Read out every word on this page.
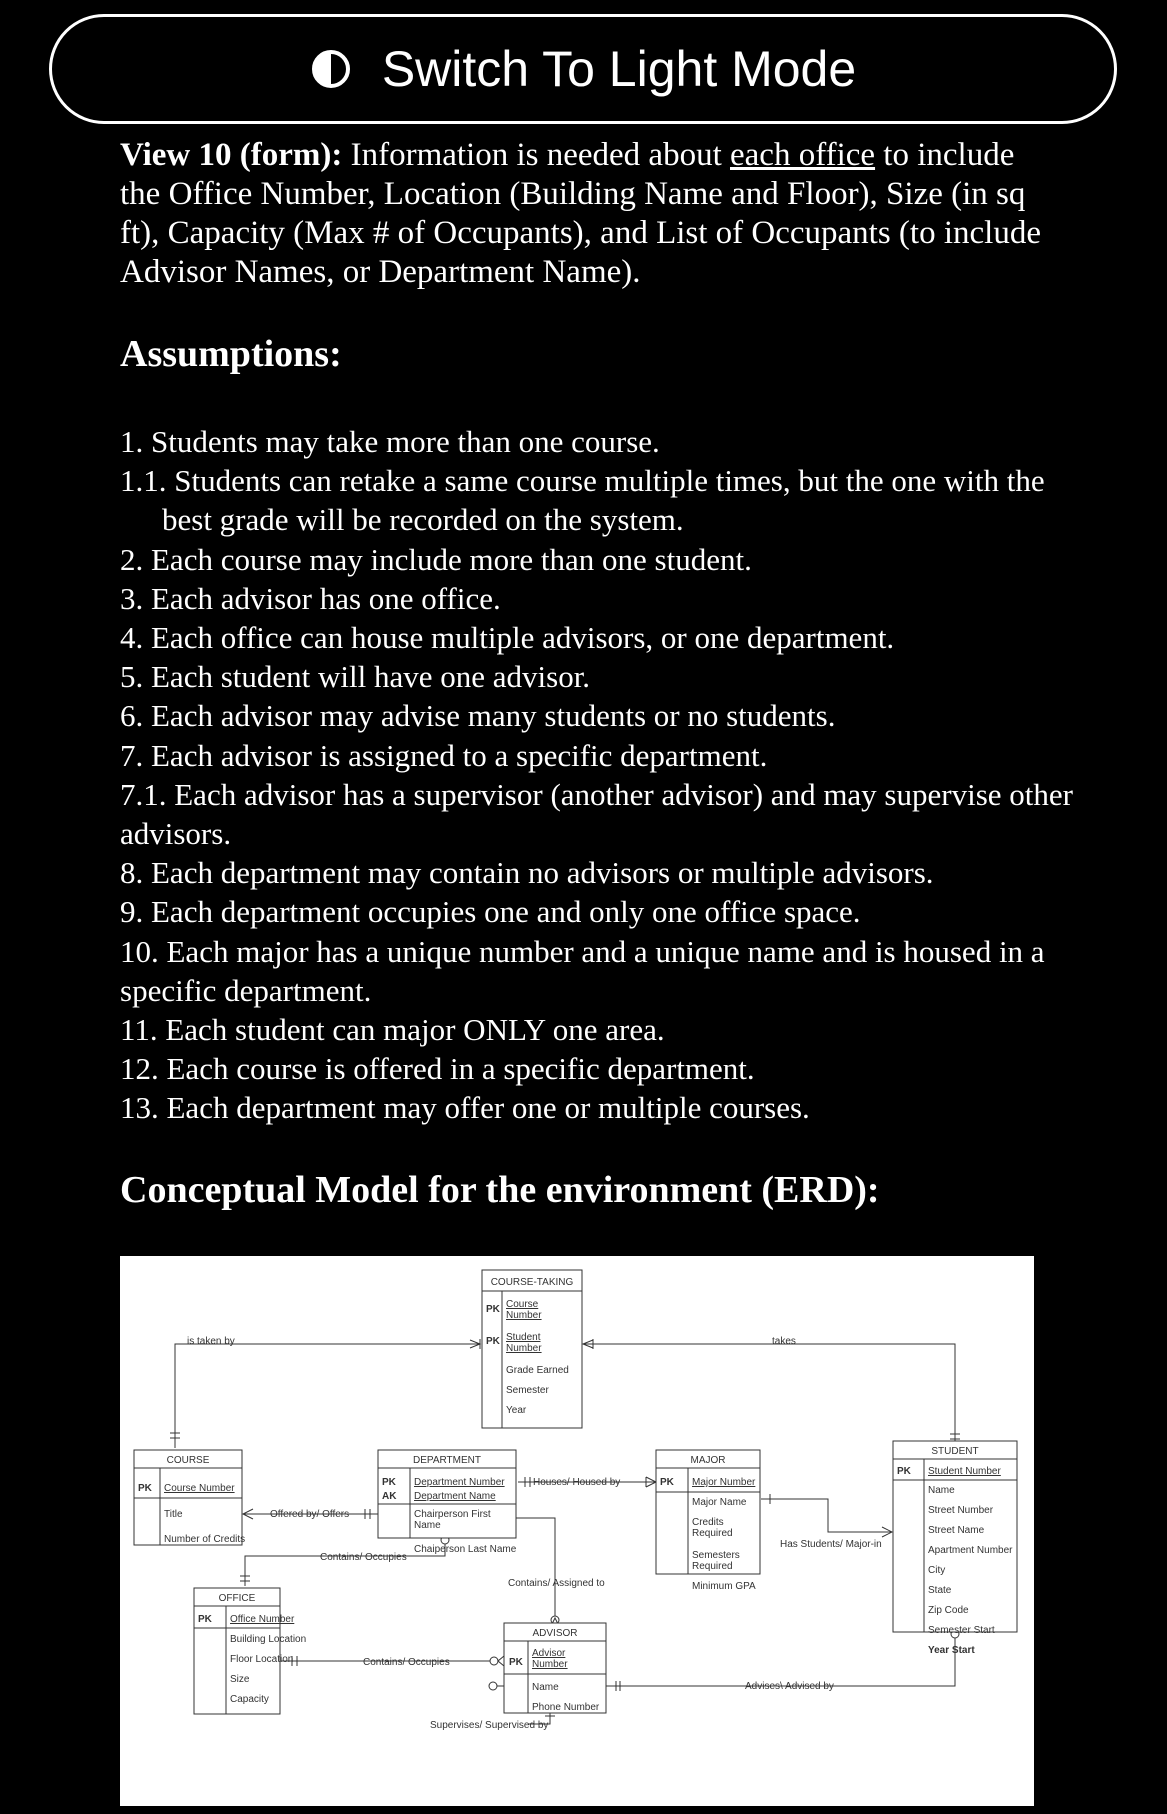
Switch To Light Mode
View 10 (form): Information is needed about each office to include the Office Number, Location (Building Name and Floor), Size (in sq ft), Capacity (Max # of Occupants), and List of Occupants (to include Advisor Names, or Department Name).
Assumptions:
1. Students may take more than one course.
1.1. Students can retake a same course multiple times, but the one with the best grade will be recorded on the system.
2. Each course may include more than one student.
3. Each advisor has one office.
4. Each office can house multiple advisors, or one department.
5. Each student will have one advisor.
6. Each advisor may advise many students or no students.
7. Each advisor is assigned to a specific department.
7.1. Each advisor has a supervisor (another advisor) and may supervise other advisors.
8. Each department may contain no advisors or multiple advisors.
9. Each department occupies one and only one office space.
10. Each major has a unique number and a unique name and is housed in a specific department.
11. Each student can major ONLY one area.
12. Each course is offered in a specific department.
13. Each department may offer one or multiple courses.
Conceptual Model for the environment (ERD):
is taken by	takes
Offered by/ Offers
Houses/ Housed by
Has Students/ Major-in
Contains/ Occupies
Contains/ Assigned to
Contains/ Occupies
Advises\ Advised by
Supervises/ Supervised by
COURSE-TAKING
PK Course
Number
PK Student
Number
Grade Earned
Semester
Year
COURSE
PK Course Number
Title
Number of Credits
DEPARTMENT
PK Department Number
AK Department Name
Chairperson First
Name
Chaiperson Last Name
MAJOR
PK Major Number
Major Name
Credits
Required
Semesters
Required
Minimum GPA
STUDENT
PK Student Number
Name
Street Number
Street Name
Apartment Number
City
State
Zip Code
Semester Start
Year Start
OFFICE
PK Office Number
Building Location
Floor Location
Size
Capacity
ADVISOR
PK
Advisor
Number
Name
Phone Number
